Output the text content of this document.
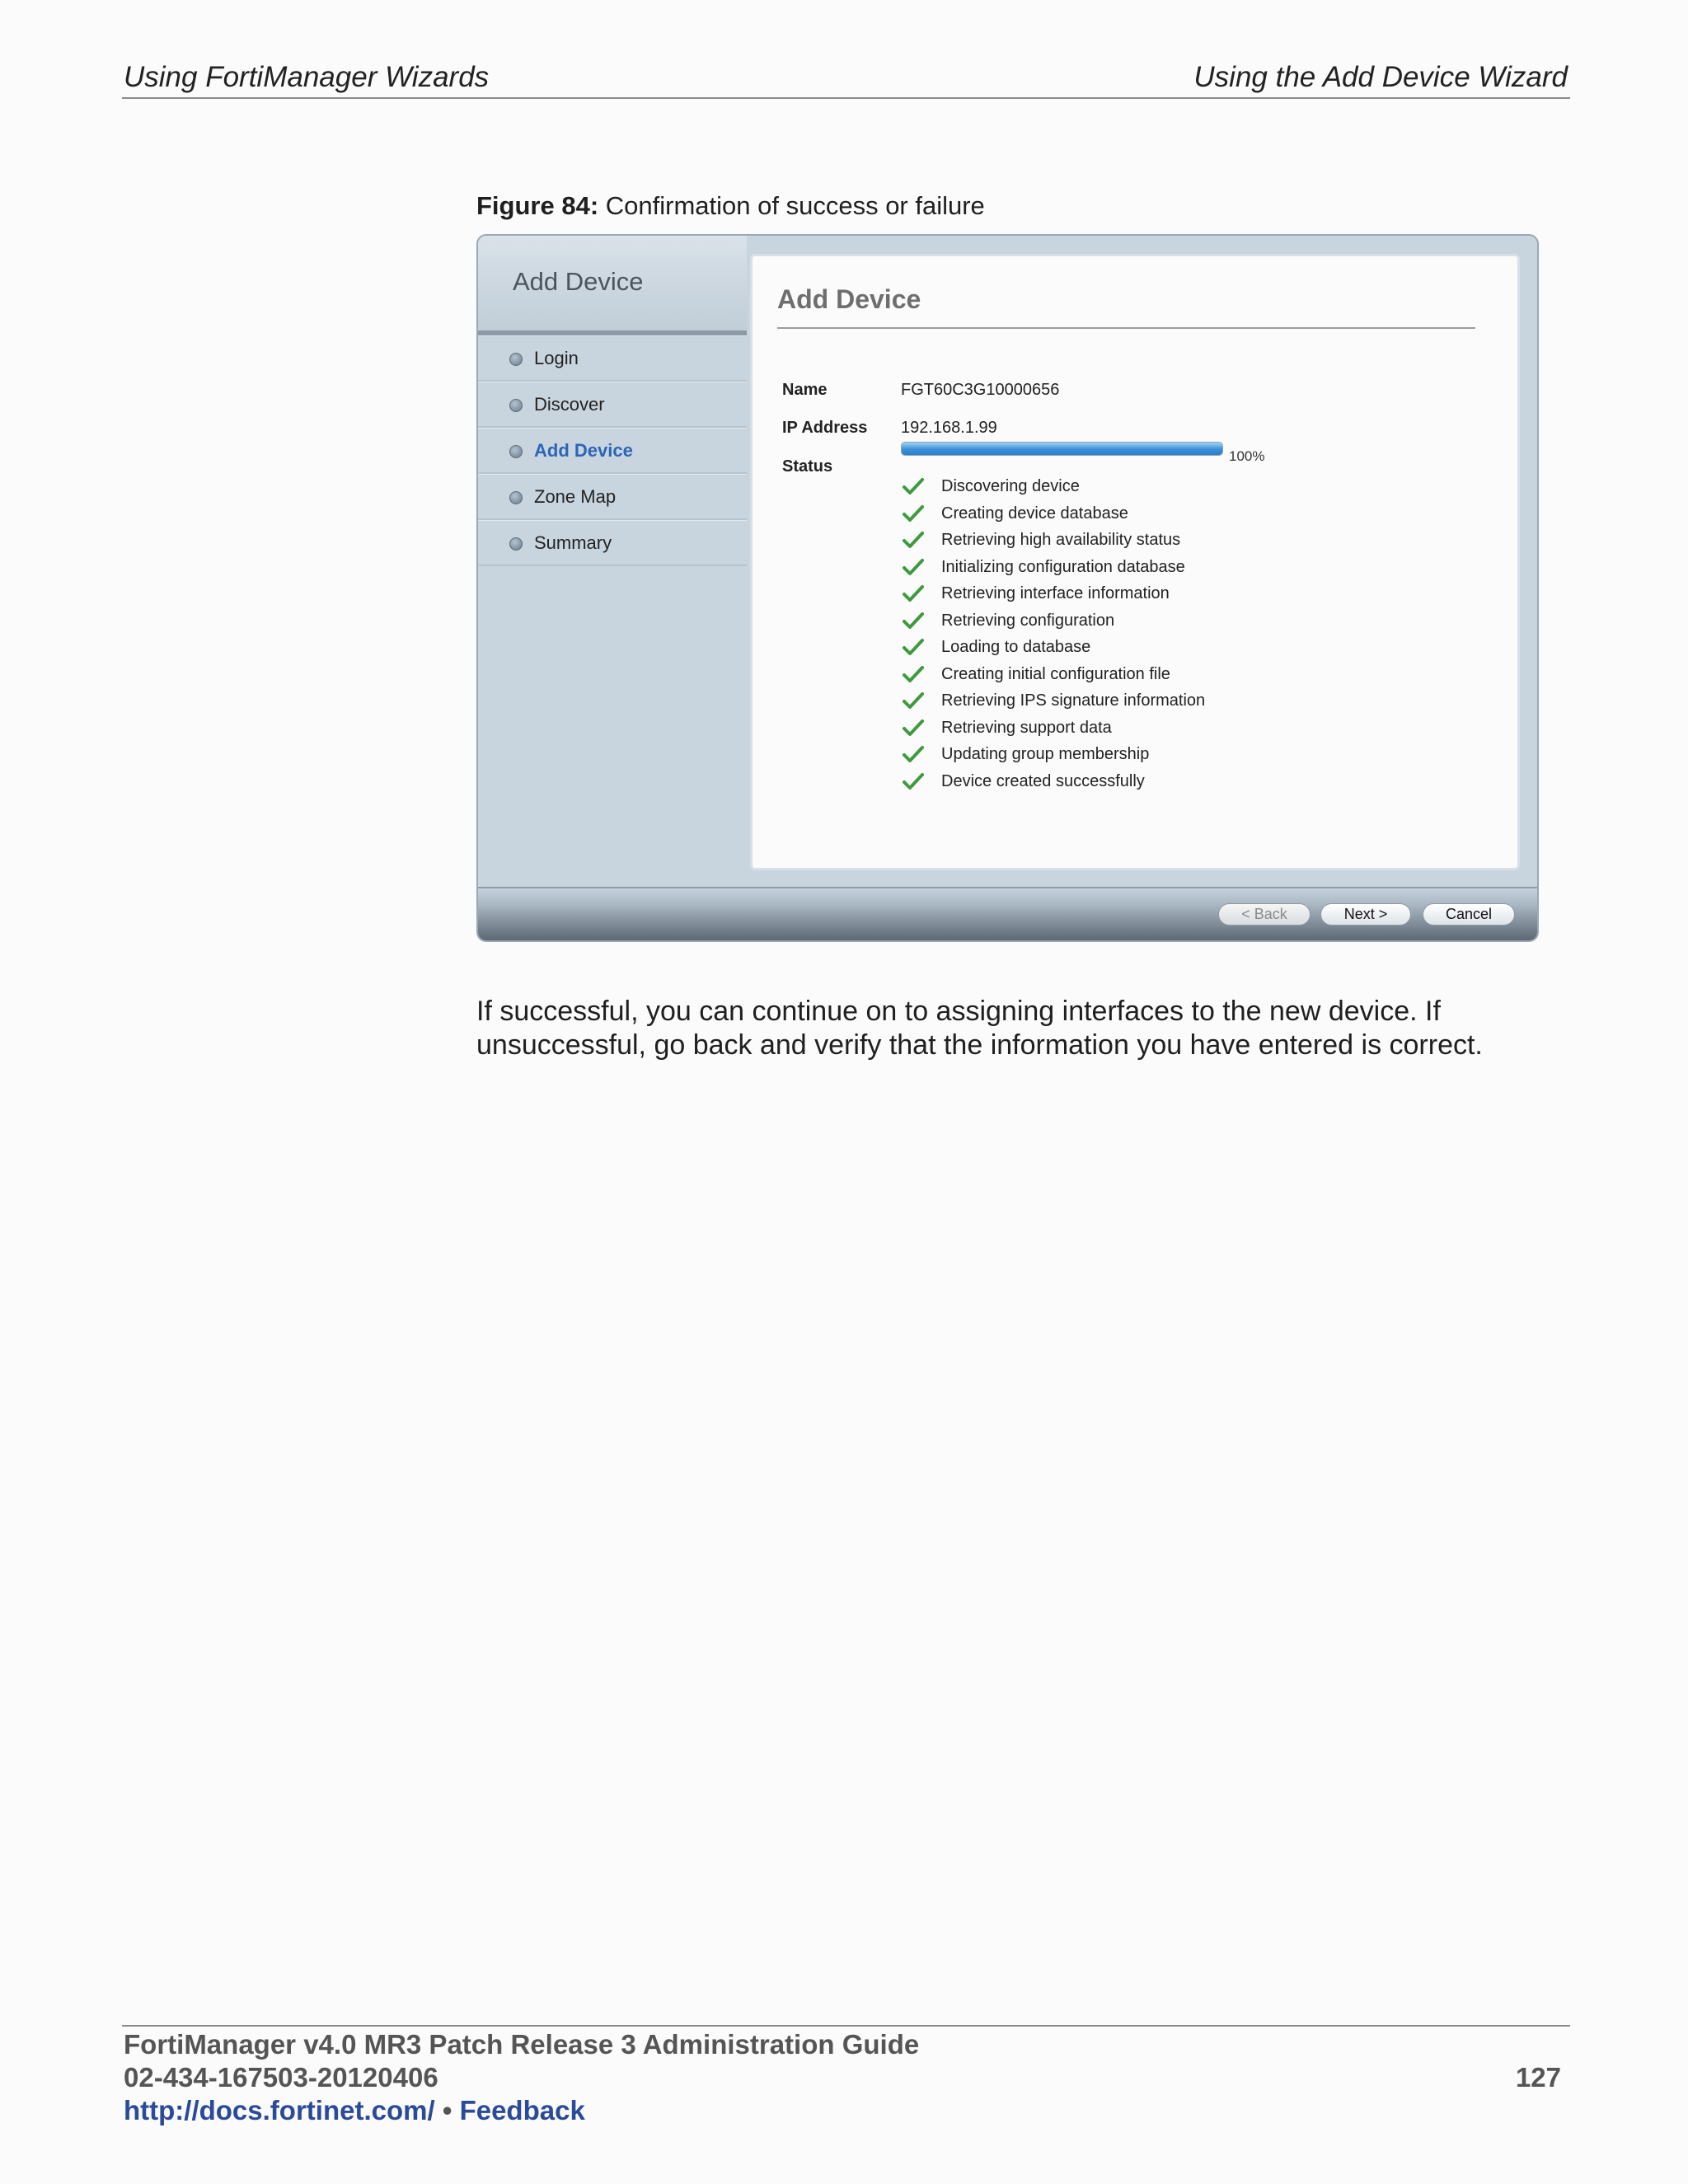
Using FortiManager Wizards	Using the Add Device Wizard
Figure 84: Confirmation of success or failure
Add Device
Login
Discover
Add Device
Zone Map
Summary
Add Device
Name	FGT60C3G10000656
IP Address 192.168.1.99
Status
100%
Discovering device
Creating device database
Retrieving high availability status
Initializing configuration database
Retrieving interface information
Retrieving configuration
Loading to database
Creating initial configuration file
Retrieving IPS signature information
Retrieving support data
Updating group membership
Device created successfully
< Back	Next >	Cancel
If successful, you can continue on to assigning interfaces to the new device. If unsuccessful, go back and verify that the information you have entered is correct.
FortiManager v4.0 MR3 Patch Release 3 Administration Guide
02-434-167503-20120406
http://docs.fortinet.com/ • Feedback
127
